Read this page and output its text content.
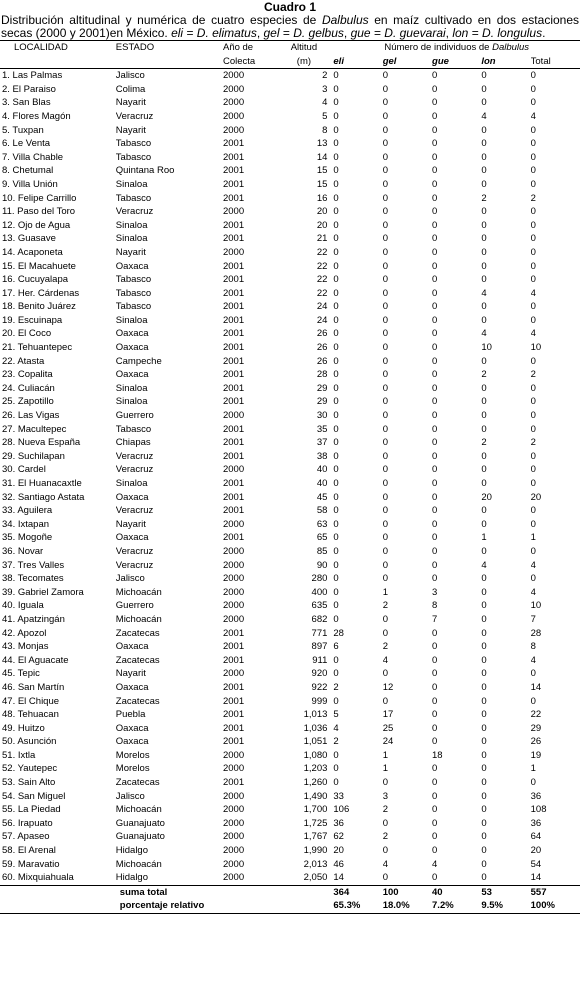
Cuadro 1

Distribución altitudinal y numérica de cuatro especies de Dalbulus en maíz cultivado en dos estaciones secas (2000 y 2001)en México. eli = D. elimatus, gel = D. gelbus, gue = D. guevarai, lon = D. longulus.

LOCALIDAD	ESTADO	Año de	Altitud	Número de individuos de Dalbulus				
		Colecta	(m)	eli	gel	gue	lon	Total
1. Las Palmas	Jalisco	2000	2	0	0	0	0	0
2. El Paraiso	Colima	2000	3	0	0	0	0	0
3. San Blas	Nayarit	2000	4	0	0	0	0	0
4. Flores Magón	Veracruz	2000	5	0	0	0	4	4
5. Tuxpan	Nayarit	2000	8	0	0	0	0	0
6. Le Venta	Tabasco	2001	13	0	0	0	0	0
7. Villa Chable	Tabasco	2001	14	0	0	0	0	0
8. Chetumal	Quintana Roo	2001	15	0	0	0	0	0
9. Villa Unión	Sinaloa	2001	15	0	0	0	0	0
10. Felipe Carrillo	Tabasco	2001	16	0	0	0	2	2
11. Paso del Toro	Veracruz	2000	20	0	0	0	0	0
12. Ojo de Agua	Sinaloa	2001	20	0	0	0	0	0
13. Guasave	Sinaloa	2001	21	0	0	0	0	0
14. Acaponeta	Nayarit	2000	22	0	0	0	0	0
15. El Macahuete	Oaxaca	2001	22	0	0	0	0	0
16. Cucuyalapa	Tabasco	2001	22	0	0	0	0	0
17. Her. Cárdenas	Tabasco	2001	22	0	0	0	4	4
18. Benito Juárez	Tabasco	2001	24	0	0	0	0	0
19. Escuinapa	Sinaloa	2001	24	0	0	0	0	0
20. El Coco	Oaxaca	2001	26	0	0	0	4	4
21. Tehuantepec	Oaxaca	2001	26	0	0	0	10	10
22. Atasta	Campeche	2001	26	0	0	0	0	0
23. Copalita	Oaxaca	2001	28	0	0	0	2	2
24. Culiacán	Sinaloa	2001	29	0	0	0	0	0
25. Zapotillo	Sinaloa	2001	29	0	0	0	0	0
26. Las Vigas	Guerrero	2000	30	0	0	0	0	0
27. Macultepec	Tabasco	2001	35	0	0	0	0	0
28. Nueva España	Chiapas	2001	37	0	0	0	2	2
29. Suchilapan	Veracruz	2001	38	0	0	0	0	0
30. Cardel	Veracruz	2000	40	0	0	0	0	0
31. El Huanacaxtle	Sinaloa	2001	40	0	0	0	0	0
32. Santiago Astata	Oaxaca	2001	45	0	0	0	20	20
33. Aguilera	Veracruz	2001	58	0	0	0	0	0
34. Ixtapan	Nayarit	2000	63	0	0	0	0	0
35. Mogoñe	Oaxaca	2001	65	0	0	0	1	1
36. Novar	Veracruz	2000	85	0	0	0	0	0
37. Tres Valles	Veracruz	2000	90	0	0	0	4	4
38. Tecomates	Jalisco	2000	280	0	0	0	0	0
39. Gabriel Zamora	Michoacán	2000	400	0	1	3	0	4
40. Iguala	Guerrero	2000	635	0	2	8	0	10
41. Apatzingán	Michoacán	2000	682	0	0	7	0	7
42. Apozol	Zacatecas	2001	771	28	0	0	0	28
43. Monjas	Oaxaca	2001	897	6	2	0	0	8
44. El Aguacate	Zacatecas	2001	911	0	4	0	0	4
45. Tepic	Nayarit	2000	920	0	0	0	0	0
46. San Martín	Oaxaca	2001	922	2	12	0	0	14
47. El Chique	Zacatecas	2001	999	0	0	0	0	0
48. Tehuacan	Puebla	2001	1,013	5	17	0	0	22
49. Huitzo	Oaxaca	2001	1,036	4	25	0	0	29
50. Asunción	Oaxaca	2001	1,051	2	24	0	0	26
51. Ixtla	Morelos	2000	1,080	0	1	18	0	19
52. Yautepec	Morelos	2000	1,203	0	1	0	0	1
53. Sain Alto	Zacatecas	2001	1,260	0	0	0	0	0
54. San Miguel	Jalisco	2000	1,490	33	3	0	0	36
55. La Piedad	Michoacán	2000	1,700	106	2	0	0	108
56. Irapuato	Guanajuato	2000	1,725	36	0	0	0	36
57. Apaseo	Guanajuato	2000	1,767	62	2	0	0	64
58. El Arenal	Hidalgo	2000	1,990	20	0	0	0	20
59. Maravatio	Michoacán	2000	2,013	46	4	4	0	54
60. Mixquiahuala	Hidalgo	2000	2,050	14	0	0	0	14
	suma total			364	100	40	53	557
	porcentaje relativo			65.3%	18.0%	7.2%	9.5%	100%
